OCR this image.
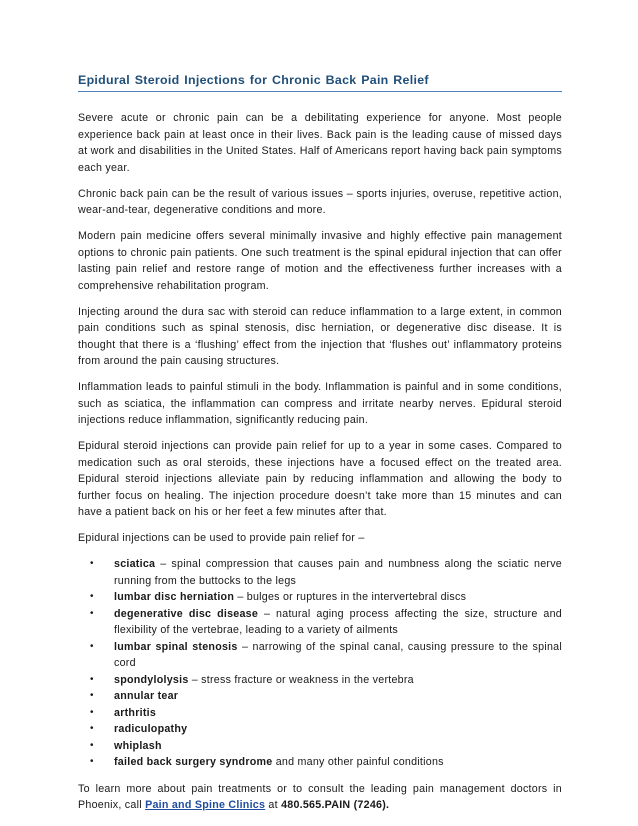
Epidural Steroid Injections for Chronic Back Pain Relief

Severe acute or chronic pain can be a debilitating experience for anyone. Most people experience back pain at least once in their lives. Back pain is the leading cause of missed days at work and disabilities in the United States. Half of Americans report having back pain symptoms each year.

Chronic back pain can be the result of various issues – sports injuries, overuse, repetitive action, wear-and-tear, degenerative conditions and more.

Modern pain medicine offers several minimally invasive and highly effective pain management options to chronic pain patients. One such treatment is the spinal epidural injection that can offer lasting pain relief and restore range of motion and the effectiveness further increases with a comprehensive rehabilitation program.

Injecting around the dura sac with steroid can reduce inflammation to a large extent, in common pain conditions such as spinal stenosis, disc herniation, or degenerative disc disease. It is thought that there is a ‘flushing’ effect from the injection that ‘flushes out’ inflammatory proteins from around the pain causing structures.

Inflammation leads to painful stimuli in the body. Inflammation is painful and in some conditions, such as sciatica, the inflammation can compress and irritate nearby nerves. Epidural steroid injections reduce inflammation, significantly reducing pain.

Epidural steroid injections can provide pain relief for up to a year in some cases. Compared to medication such as oral steroids, these injections have a focused effect on the treated area. Epidural steroid injections alleviate pain by reducing inflammation and allowing the body to further focus on healing. The injection procedure doesn’t take more than 15 minutes and can have a patient back on his or her feet a few minutes after that.

Epidural injections can be used to provide pain relief for –

• sciatica – spinal compression that causes pain and numbness along the sciatic nerve running from the buttocks to the legs
• lumbar disc herniation – bulges or ruptures in the intervertebral discs
• degenerative disc disease – natural aging process affecting the size, structure and flexibility of the vertebrae, leading to a variety of ailments
• lumbar spinal stenosis – narrowing of the spinal canal, causing pressure to the spinal cord
• spondylolysis – stress fracture or weakness in the vertebra
• annular tear
• arthritis
• radiculopathy
• whiplash
• failed back surgery syndrome and many other painful conditions

To learn more about pain treatments or to consult the leading pain management doctors in Phoenix, call Pain and Spine Clinics at 480.565.PAIN (7246).
